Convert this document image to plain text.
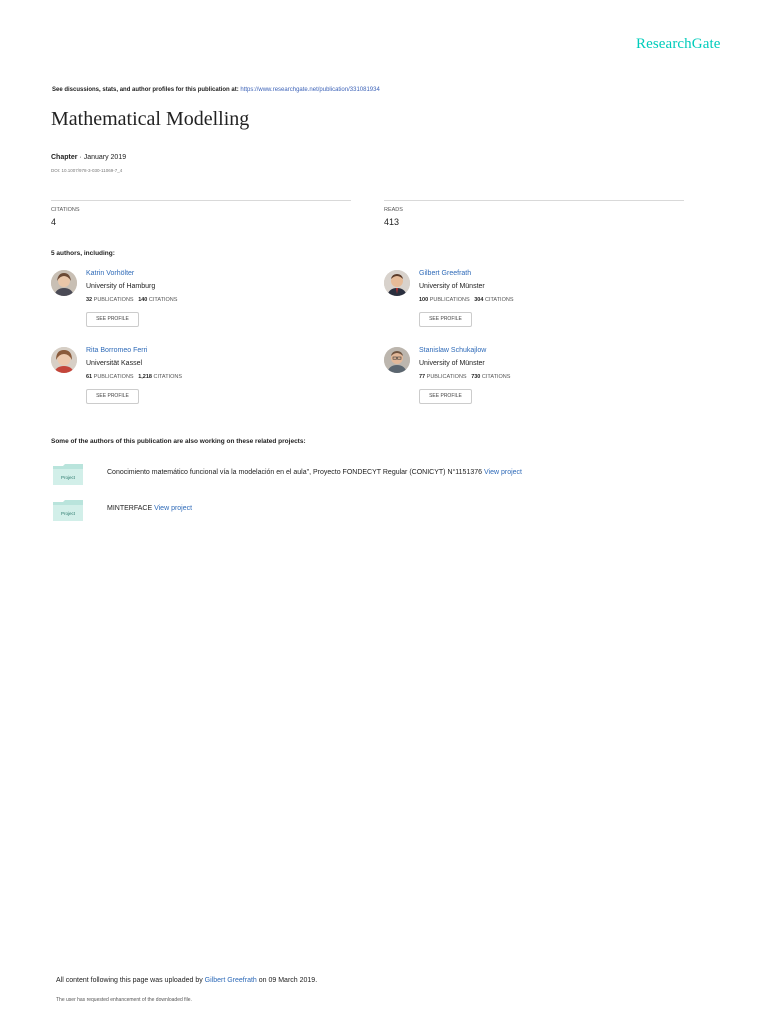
ResearchGate
See discussions, stats, and author profiles for this publication at: https://www.researchgate.net/publication/331081934
Mathematical Modelling
Chapter · January 2019
DOI: 10.1007/978-3-030-11069-7_4
CITATIONS
4
READS
413
5 authors, including:
Katrin Vorhölter
University of Hamburg
32 PUBLICATIONS 140 CITATIONS
SEE PROFILE
Gilbert Greefrath
University of Münster
100 PUBLICATIONS 304 CITATIONS
SEE PROFILE
Rita Borromeo Ferri
Universität Kassel
61 PUBLICATIONS 1,218 CITATIONS
SEE PROFILE
Stanislaw Schukajlow
University of Münster
77 PUBLICATIONS 730 CITATIONS
SEE PROFILE
Some of the authors of this publication are also working on these related projects:
Project
Conocimiento matemático funcional vía la modelación en el aula", Proyecto FONDECYT Regular (CONICYT) N°1151376 View project
Project
MINTERFACE View project
All content following this page was uploaded by Gilbert Greefrath on 09 March 2019.
The user has requested enhancement of the downloaded file.
